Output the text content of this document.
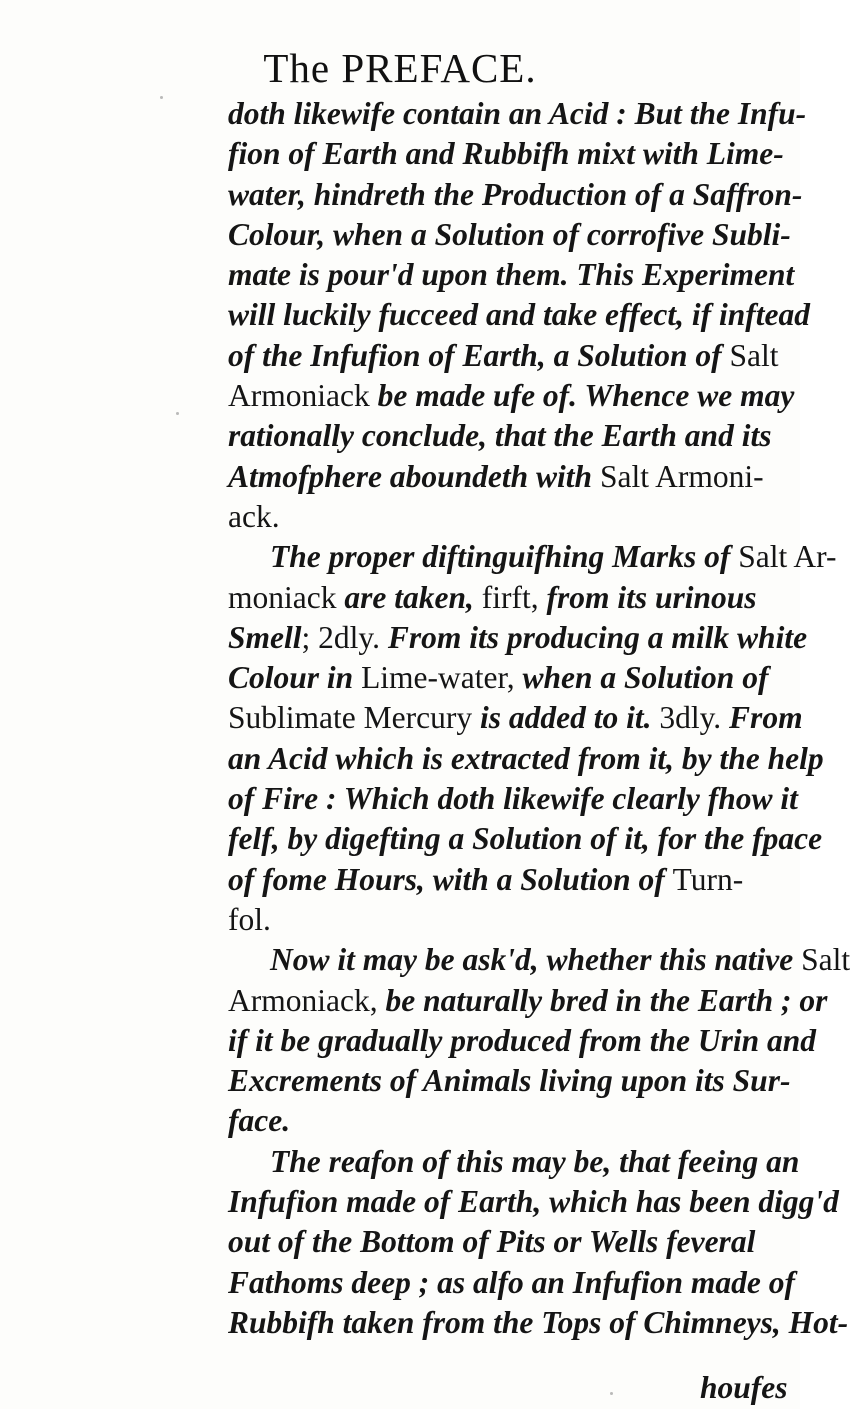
The PREFACE.
doth likewife contain an Acid : But the Infu-
fion of Earth and Rubbifh mixt with Lime-
water, hindreth the Production of a Saffron-
Colour, when a Solution of corrofive Subli-
mate is pour'd upon them. This Experiment
will luckily fucceed and take effect, if inftead
of the Infufion of Earth, a Solution of Salt
Armoniack be made ufe of. Whence we may
rationally conclude, that the Earth and its
Atmofphere aboundeth with Salt Armoni-
ack.
The proper diftinguifhing Marks of Salt Ar-
moniack are taken, firft, from its urinous
Smell; 2dly. From its producing a milk white
Colour in Lime-water, when a Solution of
Sublimate Mercury is added to it. 3dly. From
an Acid which is extracted from it, by the help
of Fire : Which doth likewife clearly fhow it
felf, by digefting a Solution of it, for the fpace
of fome Hours, with a Solution of Turn-
fol.
Now it may be ask'd, whether this native Salt
Armoniack, be naturally bred in the Earth ; or
if it be gradually produced from the Urin and
Excrements of Animals living upon its Sur-
face.
The reafon of this may be, that feeing an
Infufion made of Earth, which has been digg'd
out of the Bottom of Pits or Wells feveral
Fathoms deep ; as alfo an Infufion made of
Rubbifh taken from the Tops of Chimneys, Hot-
houfes
